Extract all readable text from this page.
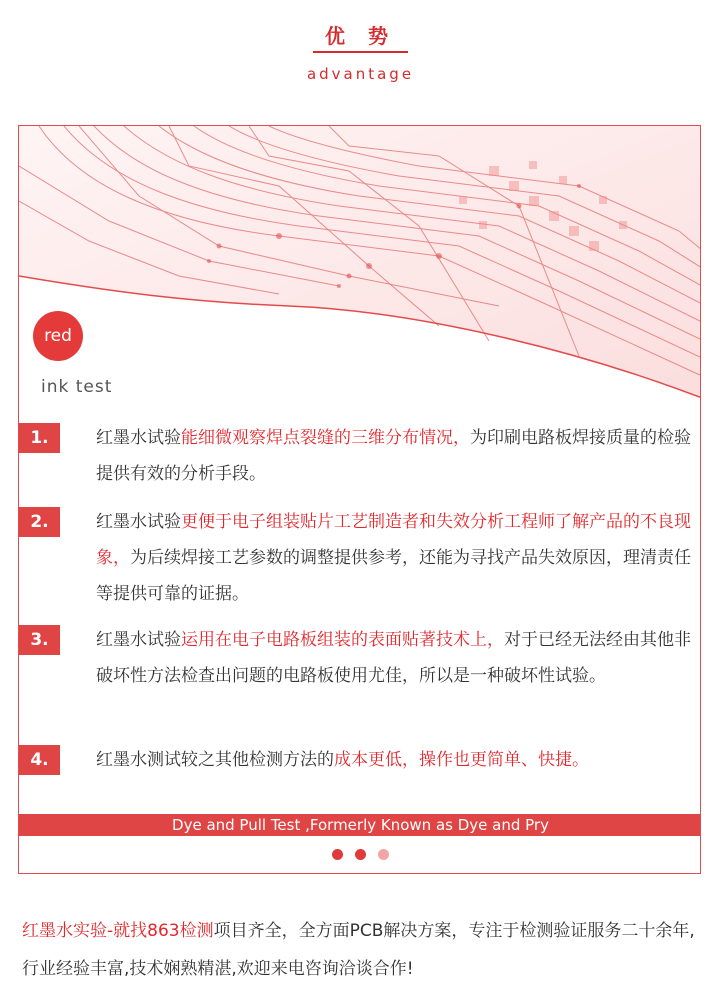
优 势
advantage
red
ink test
1.	红墨水试验能细微观察焊点裂缝的三维分布情况，为印刷电路板焊接质量的检验提供有效的分析手段。
2.	红墨水试验更便于电子组装贴片工艺制造者和失效分析工程师了解产品的不良现象，为后续焊接工艺参数的调整提供参考，还能为寻找产品失效原因，理清责任等提供可靠的证据。
3.	红墨水试验运用在电子电路板组装的表面贴著技术上，对于已经无法经由其他非破坏性方法检查出问题的电路板使用尤佳，所以是一种破坏性试验。
4.	红墨水测试较之其他检测方法的成本更低，操作也更简单、快捷。
Dye and Pull Test ,Formerly Known as Dye and Pry
红墨水实验-就找863检测项目齐全，全方面PCB解决方案，专注于检测验证服务二十余年,行业经验丰富,技术娴熟精湛,欢迎来电咨询洽谈合作!
